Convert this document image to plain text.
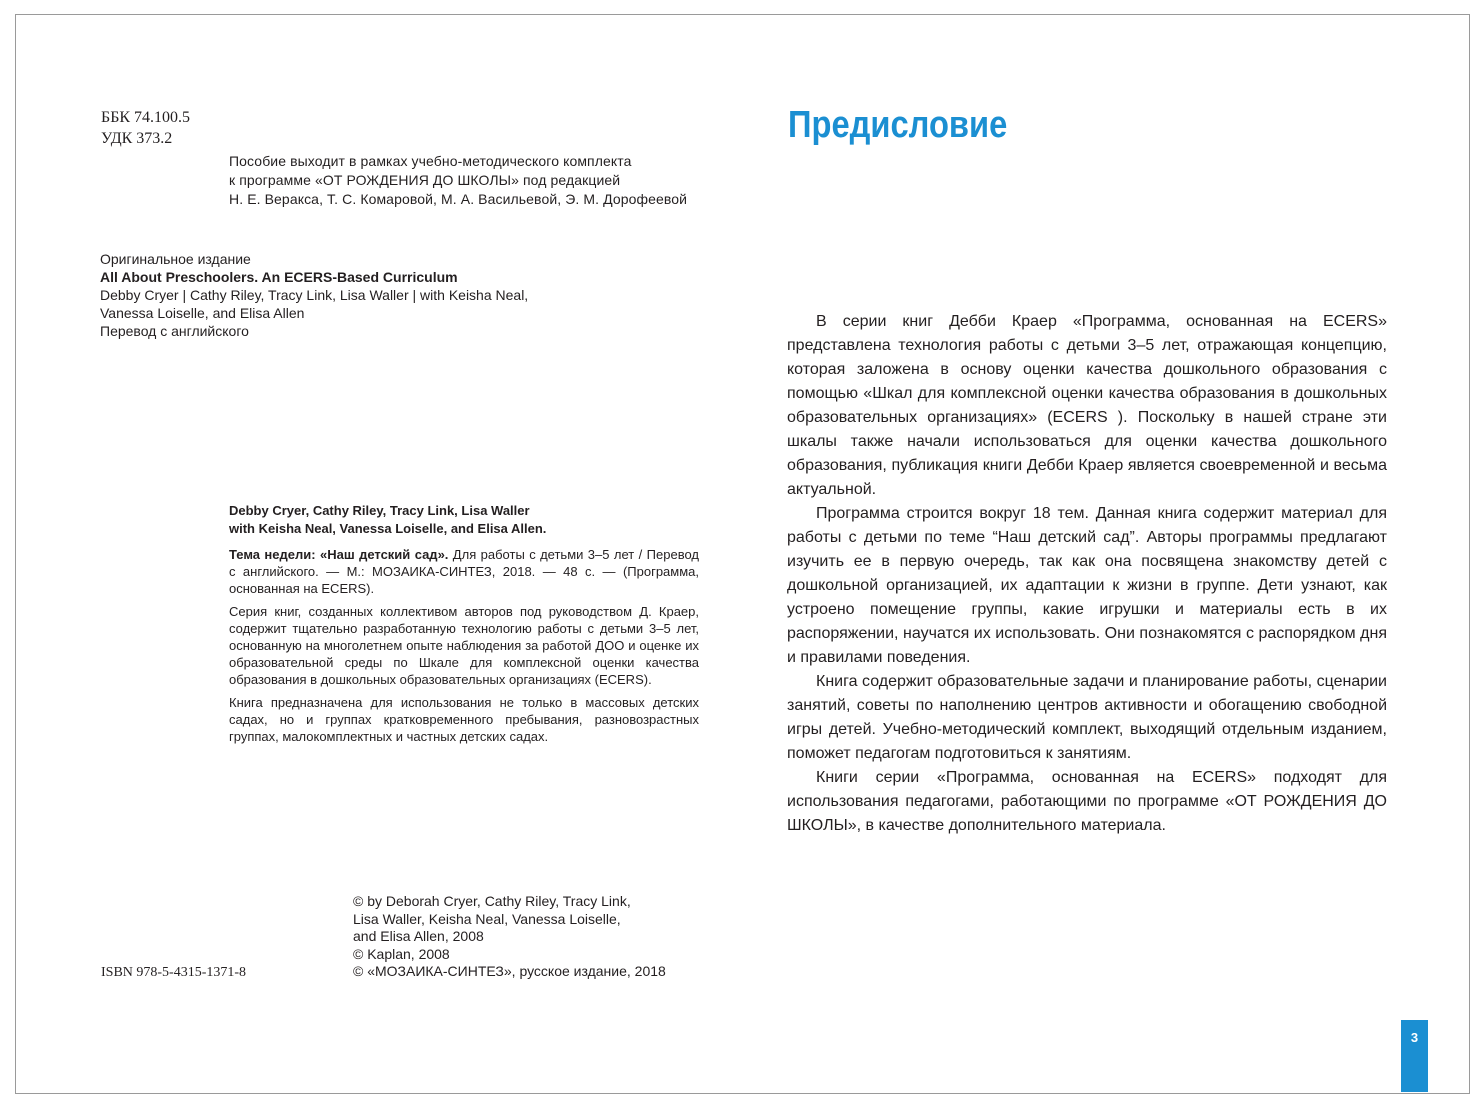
ББК 74.100.5
УДК 373.2
Пособие выходит в рамках учебно-методического комплекта
к программе «ОТ РОЖДЕНИЯ ДО ШКОЛЫ» под редакцией
Н. Е. Веракса, Т. С. Комаровой, М. А. Васильевой, Э. М. Дорофеевой
Оригинальное издание
All About Preschoolers. An ECERS-Based Curriculum
Debby Cryer | Cathy Riley, Tracy Link, Lisa Waller | with Keisha Neal,
Vanessa Loiselle, and Elisa Allen
Перевод с английского
Debby Cryer, Cathy Riley, Tracy Link, Lisa Waller
with Keisha Neal, Vanessa Loiselle, and Elisa Allen.

Тема недели: «Наш детский сад». Для работы с детьми 3–5 лет / Перевод с английского. — М.: МОЗАИКА-СИНТЕЗ, 2018. — 48 с. — (Программа, основанная на ECERS).

Серия книг, созданных коллективом авторов под руководством Д. Краер, содержит тщательно разработанную технологию работы с детьми 3–5 лет, основанную на многолетнем опыте наблюдения за работой ДОО и оценке их образовательной среды по Шкале для комплексной оценки качества образования в дошкольных образовательных организациях (ECERS).

Книга предназначена для использования не только в массовых детских садах, но и группах кратковременного пребывания, разновозрастных группах, малокомплектных и частных детских садах.

ISBN 978-5-4315-1371-8
© by Deborah Cryer, Cathy Riley, Tracy Link,
Lisa Waller, Keisha Neal, Vanessa Loiselle,
and Elisa Allen, 2008
© Kaplan, 2008
© «МОЗАИКА-СИНТЕЗ», русское издание, 2018
Предисловие

В серии книг Дебби Краер «Программа, основанная на ECERS» представлена технология работы с детьми 3–5 лет, отражающая концепцию, которая заложена в основу оценки качества дошкольного образования с помощью «Шкал для комплексной оценки качества образования в дошкольных образовательных организациях» (ECERS ). Поскольку в нашей стране эти шкалы также начали использоваться для оценки качества дошкольного образования, публикация книги Дебби Краер является своевременной и весьма актуальной.

Программа строится вокруг 18 тем. Данная книга содержит материал для работы с детьми по теме “Наш детский сад”. Авторы программы предлагают изучить ее в первую очередь, так как она посвящена знакомству детей с дошкольной организацией, их адаптации к жизни в группе. Дети узнают, как устроено помещение группы, какие игрушки и материалы есть в их распоряжении, научатся их использовать. Они познакомятся с распорядком дня и правилами поведения.

Книга содержит образовательные задачи и планирование работы, сценарии занятий, советы по наполнению центров активности и обогащению свободной игры детей. Учебно-методический комплект, выходящий отдельным изданием, поможет педагогам подготовиться к занятиям.

Книги серии «Программа, основанная на ECERS» подходят для использования педагогами, работающими по программе «ОТ РОЖДЕНИЯ ДО ШКОЛЫ», в качестве дополнительного материала.

3
